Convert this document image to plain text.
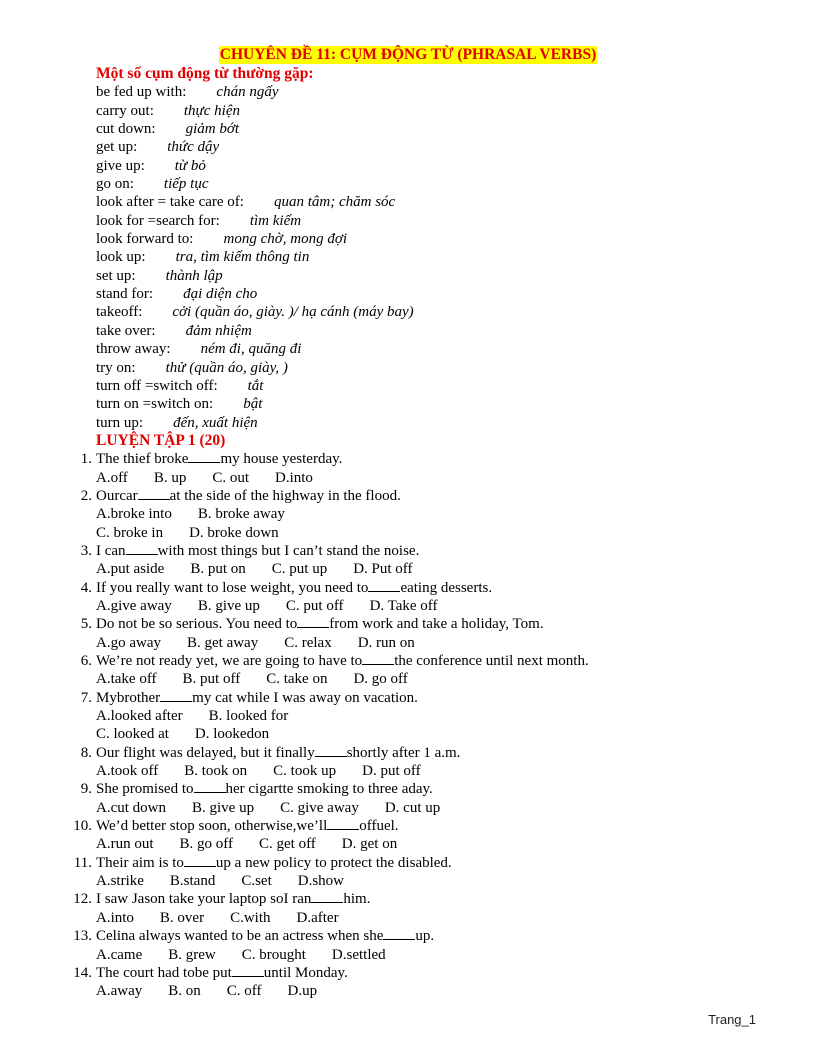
CHUYÊN ĐỀ 11: CỤM ĐỘNG TỪ (PHRASAL VERBS)
Một số cụm động từ thường gặp:
be fed up with: chán ngấy
carry out: thực hiện
cut down: giảm bớt
get up: thức dậy
give up: từ bỏ
go on: tiếp tục
look after = take care of: quan tâm; chăm sóc
look for =search for: tìm kiếm
look forward to: mong chờ, mong đợi
look up: tra, tìm kiếm thông tin
set up: thành lập
stand for: đại diện cho
takeoff: cởi (quần áo, giày. )/ hạ cánh (máy bay)
take over: đảm nhiệm
throw away: ném đi, quăng đi
try on: thử (quần áo, giày, )
turn off =switch off: tắt
turn on =switch on: bật
turn up: đến, xuất hiện
LUYỆN TẬP 1 (20)
1. The thief broke my house yesterday.
A.off B. up C. out D.into
2. Ourcar at the side of the highway in the flood.
A.broke into B. broke away
C. broke in D. broke down
3. I can with most things but I can’t stand the noise.
A.put aside B. put on C. put up D. Put off
4. If you really want to lose weight, you need to eating desserts.
A.give away B. give up C. put off D. Take off
5. Do not be so serious. You need to from work and take a holiday, Tom.
A.go away B. get away C. relax D. run on
6. We’re not ready yet, we are going to have to the conference until next month.
A.take off B. put off C. take on D. go off
7. Mybrother my cat while I was away on vacation.
A.looked after B. looked for
C. looked at D. lookedon
8. Our flight was delayed, but it finally shortly after 1 a.m.
A.took off B. took on C. took up D. put off
9. She promised to her cigartte smoking to three aday.
A.cut down B. give up C. give away D. cut up
10. We’d better stop soon, otherwise,we’ll offuel.
A.run out B. go off C. get off D. get on
11. Their aim is to up a new policy to protect the disabled.
A.strike B.stand C.set D.show
12. I saw Jason take your laptop soI ran him.
A.into B. over C.with D.after
13. Celina always wanted to be an actress when she up.
A.came B. grew C. brought D.settled
14. The court had tobe put until Monday.
A.away B. on C. off D.up
Trang_1
